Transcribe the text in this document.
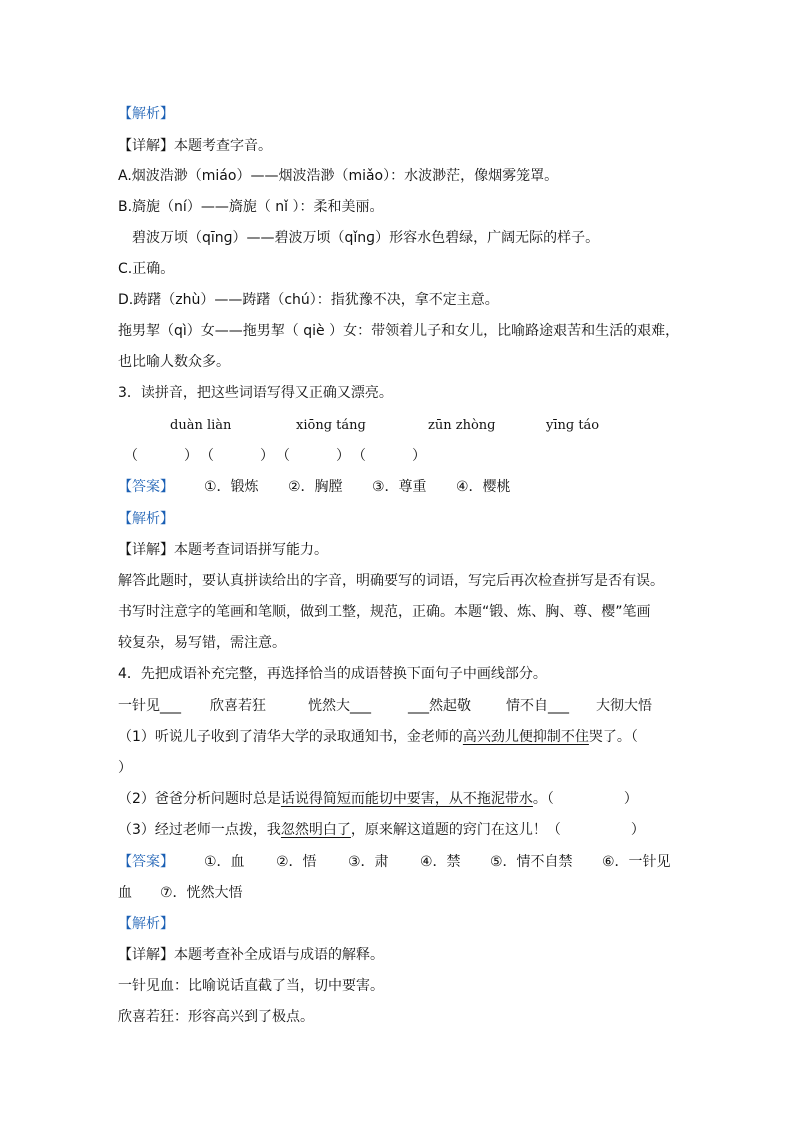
【解析】
【详解】本题考查字音。
A.烟波浩渺（miáo）——烟波浩渺（miǎo）：水波渺茫，像烟雾笼罩。
B.旖旎（ní）——旖旎（ nǐ ）：柔和美丽。
碧波万顷（qīnɡ）——碧波万顷（qǐnɡ）形容水色碧绿，广阔无际的样子。
C.正确。
D.踌躇（zhù）——踌躇（chú）：指犹豫不决，拿不定主意。
拖男挈（qì）女——拖男挈（ qiè ）女：带领着儿子和女儿，比喻路途艰苦和生活的艰难，
也比喻人数众多。
3．读拼音，把这些词语写得又正确又漂亮。
duàn liàn	xiōnɡ tánɡ	zūn zhònɡ	yīnɡ táo
（　　　）　（　　　）　（　　　）　（　　　）
【答案】 ①．锻炼 ②．胸膛 ③．尊重 ④．樱桃
【解析】
【详解】本题考查词语拼写能力。
解答此题时，要认真拼读给出的字音，明确要写的词语，写完后再次检查拼写是否有误。
书写时注意字的笔画和笔顺，做到工整，规范，正确。本题“锻、炼、胸、尊、樱”笔画
较复杂，易写错，需注意。
4．先把成语补充完整，再选择恰当的成语替换下面句子中画线部分。
一针见___ 欣喜若狂	恍然大___	___然起敬	情不自___ 大彻大悟
（1）听说儿子收到了清华大学的录取通知书，金老师的高兴劲儿便抑制不住哭了。（
）
（2）爸爸分析问题时总是话说得简短而能切中要害，从不拖泥带水。（　　　　　）
（3）经过老师一点拨，我忽然明白了，原来解这道题的窍门在这儿！（　　　　　）
【答案】 ①．血 ②．悟 ③．肃 ④．禁 ⑤．情不自禁 ⑥．一针见
血 ⑦．恍然大悟
【解析】
【详解】本题考查补全成语与成语的解释。
一针见血：比喻说话直截了当，切中要害。
欣喜若狂：形容高兴到了极点。
